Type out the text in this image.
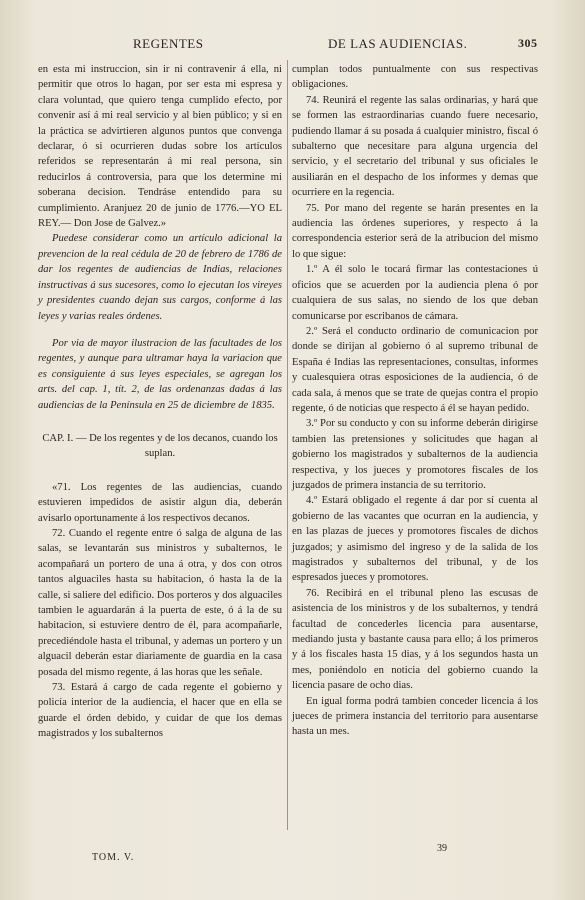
REGENTES	DE LAS AUDIENCIAS.	305

en esta mi instruccion, sin ir ni contravenir á ella, ni permitir que otros lo hagan, por ser esta mi espresa y clara voluntad, que quiero tenga cumplido efecto, por convenir así á mi real servicio y al bien público; y si en la práctica se advirtieren algunos puntos que convenga declarar, ó si ocurrieren dudas sobre los artículos referidos se representarán á mi real persona, sin reducirlos á controversia, para que los determine mi soberana decision. Tendráse entendido para su cumplimiento. Aranjuez 20 de junio de 1776.—YO EL REY.— Don Jose de Galvez.»

Puedese considerar como un artículo adicional la prevencion de la real cédula de 20 de febrero de 1786 de dar los regentes de audiencias de Indias, relaciones instructivas á sus sucesores, como lo ejecutan los vireyes y presidentes cuando dejan sus cargos, conforme á las leyes y varias reales órdenes.

Por via de mayor ilustracion de las facultades de los regentes, y aunque para ultramar haya la variacion que es consiguiente á sus leyes especiales, se agregan los arts. del cap. 1, tít. 2, de las ordenanzas dadas á las audiencias de la Península en 25 de diciembre de 1835.

CAP. I. — De los regentes y de los decanos, cuando los suplan.

«71. Los regentes de las audiencias, cuando estuvieren impedidos de asistir algun dia, deberán avisarlo oportunamente á los respectivos decanos.

72. Cuando el regente entre ó salga de alguna de las salas, se levantarán sus ministros y subalternos, le acompañará un portero de una á otra, y dos con otros tantos alguaciles hasta su habitacion, ó hasta la de la calle, si saliere del edificio. Dos porteros y dos alguaciles tambien le aguardarán á la puerta de este, ó á la de su habitacion, si estuviere dentro de él, para acompañarle, precediéndole hasta el tribunal, y ademas un portero y un alguacil deberán estar diariamente de guardia en la casa posada del mismo regente, á las horas que les señale.

73. Estará á cargo de cada regente el gobierno y policía interior de la audiencia, el hacer que en ella se guarde el órden debido, y cuidar de que los demas magistrados y los subalternos

cumplan todos puntualmente con sus respectivas obligaciones.

74. Reunirá el regente las salas ordinarias, y hará que se formen las estraordinarias cuando fuere necesario, pudiendo llamar á su posada á cualquier ministro, fiscal ó subalterno que necesitare para alguna urgencia del servicio, y el secretario del tribunal y sus oficiales le ausiliarán en el despacho de los informes y demas que ocurriere en la regencia.

75. Por mano del regente se harán presentes en la audiencia las órdenes superiores, y respecto á la correspondencia esterior será de la atribucion del mismo lo que sigue:

1.º A él solo le tocará firmar las contestaciones ú oficios que se acuerden por la audiencia plena ó por cualquiera de sus salas, no siendo de los que deban comunicarse por escribanos de cámara.

2.º Será el conducto ordinario de comunicacion por donde se dirijan al gobierno ó al supremo tribunal de España é Indias las representaciones, consultas, informes y cualesquiera otras esposiciones de la audiencia, ó de cada sala, á menos que se trate de quejas contra el propio regente, ó de noticias que respecto á él se hayan pedido.

3.º Por su conducto y con su informe deberán dirigirse tambien las pretensiones y solicitudes que hagan al gobierno los magistrados y subalternos de la audiencia respectiva, y los jueces y promotores fiscales de los juzgados de primera instancia de su territorio.

4.º Estará obligado el regente á dar por sí cuenta al gobierno de las vacantes que ocurran en la audiencia, y en las plazas de jueces y promotores fiscales de dichos juzgados; y asimismo del ingreso y de la salida de los magistrados y subalternos del tribunal, y de los espresados jueces y promotores.

76. Recibirá en el tribunal pleno las escusas de asistencia de los ministros y de los subalternos, y tendrá facultad de concederles licencia para ausentarse, mediando justa y bastante causa para ello; á los primeros y á los fiscales hasta 15 dias, y á los segundos hasta un mes, poniéndolo en noticia del gobierno cuando la licencia pasare de ocho dias.

En igual forma podrá tambien conceder licencia á los jueces de primera instancia del territorio para ausentarse hasta un mes.

TOM. V.
39
